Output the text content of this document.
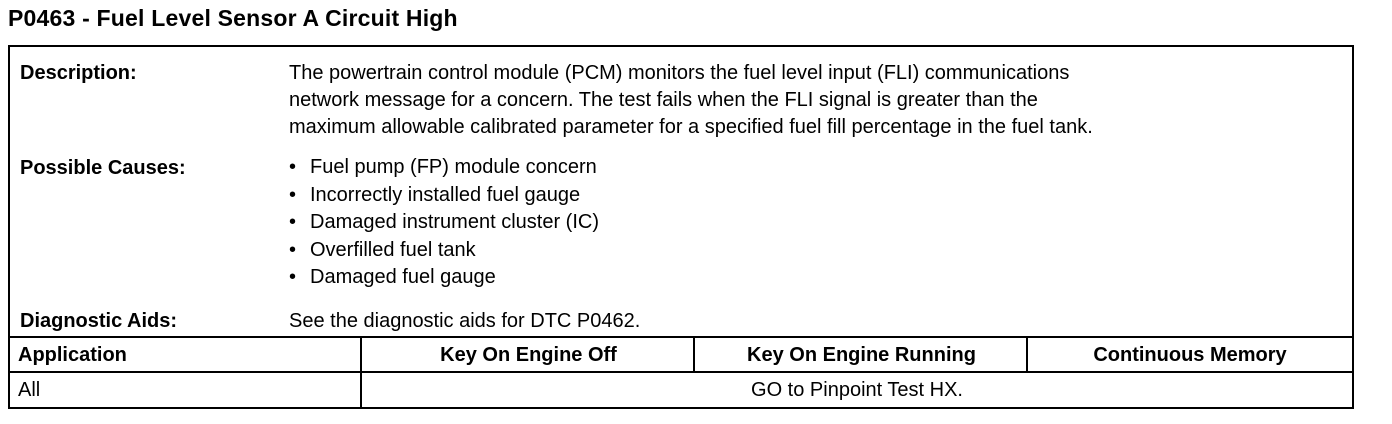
P0463 - Fuel Level Sensor A Circuit High
Description:	The powertrain control module (PCM) monitors the fuel level input (FLI) communications
network message for a concern. The test fails when the FLI signal is greater than the
maximum allowable calibrated parameter for a specified fuel fill percentage in the fuel tank.
Possible Causes:
•	Fuel pump (FP) module concern
• Incorrectly installed fuel gauge
• Damaged instrument cluster (IC)
• Overfilled fuel tank
• Damaged fuel gauge
Diagnostic Aids:	See the diagnostic aids for DTC P0462.
Application	Key On Engine Off	Key On Engine Running	Continuous Memory
All	GO to Pinpoint Test HX.
